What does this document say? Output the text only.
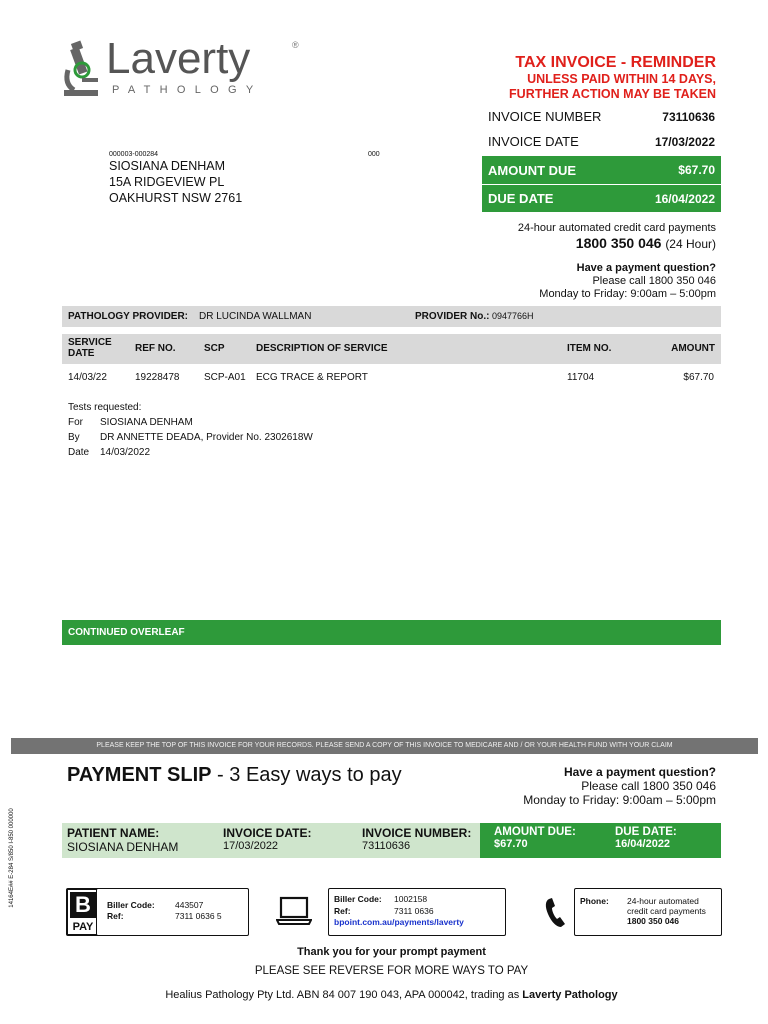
Laverty	®
PATHOLOGY
TAX INVOICE - REMINDER
UNLESS PAID WITHIN 14 DAYS,
FURTHER ACTION MAY BE TAKEN
INVOICE NUMBER	73110636
INVOICE DATE	17/03/2022
AMOUNT DUE	$67.70
DUE DATE	16/04/2022
000003-000284	000
SIOSIANA DENHAM
15A RIDGEVIEW PL
OAKHURST NSW 2761
24-hour automated credit card payments
1800 350 046 (24 Hour)
Have a payment question?
Please call 1800 350 046
Monday to Friday: 9:00am – 5:00pm
PATHOLOGY PROVIDER: DR LUCINDA WALLMAN	PROVIDER No.: 0947766H
SERVICE
DATE	REF NO.	SCP	DESCRIPTION OF SERVICE	ITEM NO.	AMOUNT
14/03/22	19228478 SCP-A01 ECG TRACE & REPORT	11704	$67.70
Tests requested:
For SIOSIANA DENHAM
By DR ANNETTE DEADA, Provider No. 2302618W
Date 14/03/2022
CONTINUED OVERLEAF
PLEASE KEEP THE TOP OF THIS INVOICE FOR YOUR RECORDS. PLEASE SEND A COPY OF THIS INVOICE TO MEDICARE AND / OR YOUR HEALTH FUND WITH YOUR CLAIM
PAYMENT SLIP - 3 Easy ways to pay	Have a payment question?
Please call 1800 350 046
Monday to Friday: 9:00am – 5:00pm
PATIENT NAME:
SIOSIANA DENHAM
INVOICE DATE:
17/03/2022
INVOICE NUMBER:
73110636
AMOUNT DUE:
$67.70
DUE DATE:
16/04/2022
B
PAY
Biller Code: 443507
Ref:	7311 0636 5
Biller Code: 1002158
Ref:	7311 0636
bpoint.com.au/payments/laverty
Phone: 24-hour automated
credit card payments
1800 350 046
14164E## E-284 S/850 I-850 000000
Thank you for your prompt payment
PLEASE SEE REVERSE FOR MORE WAYS TO PAY
Healius Pathology Pty Ltd. ABN 84 007 190 043, APA 000042, trading as Laverty Pathology
